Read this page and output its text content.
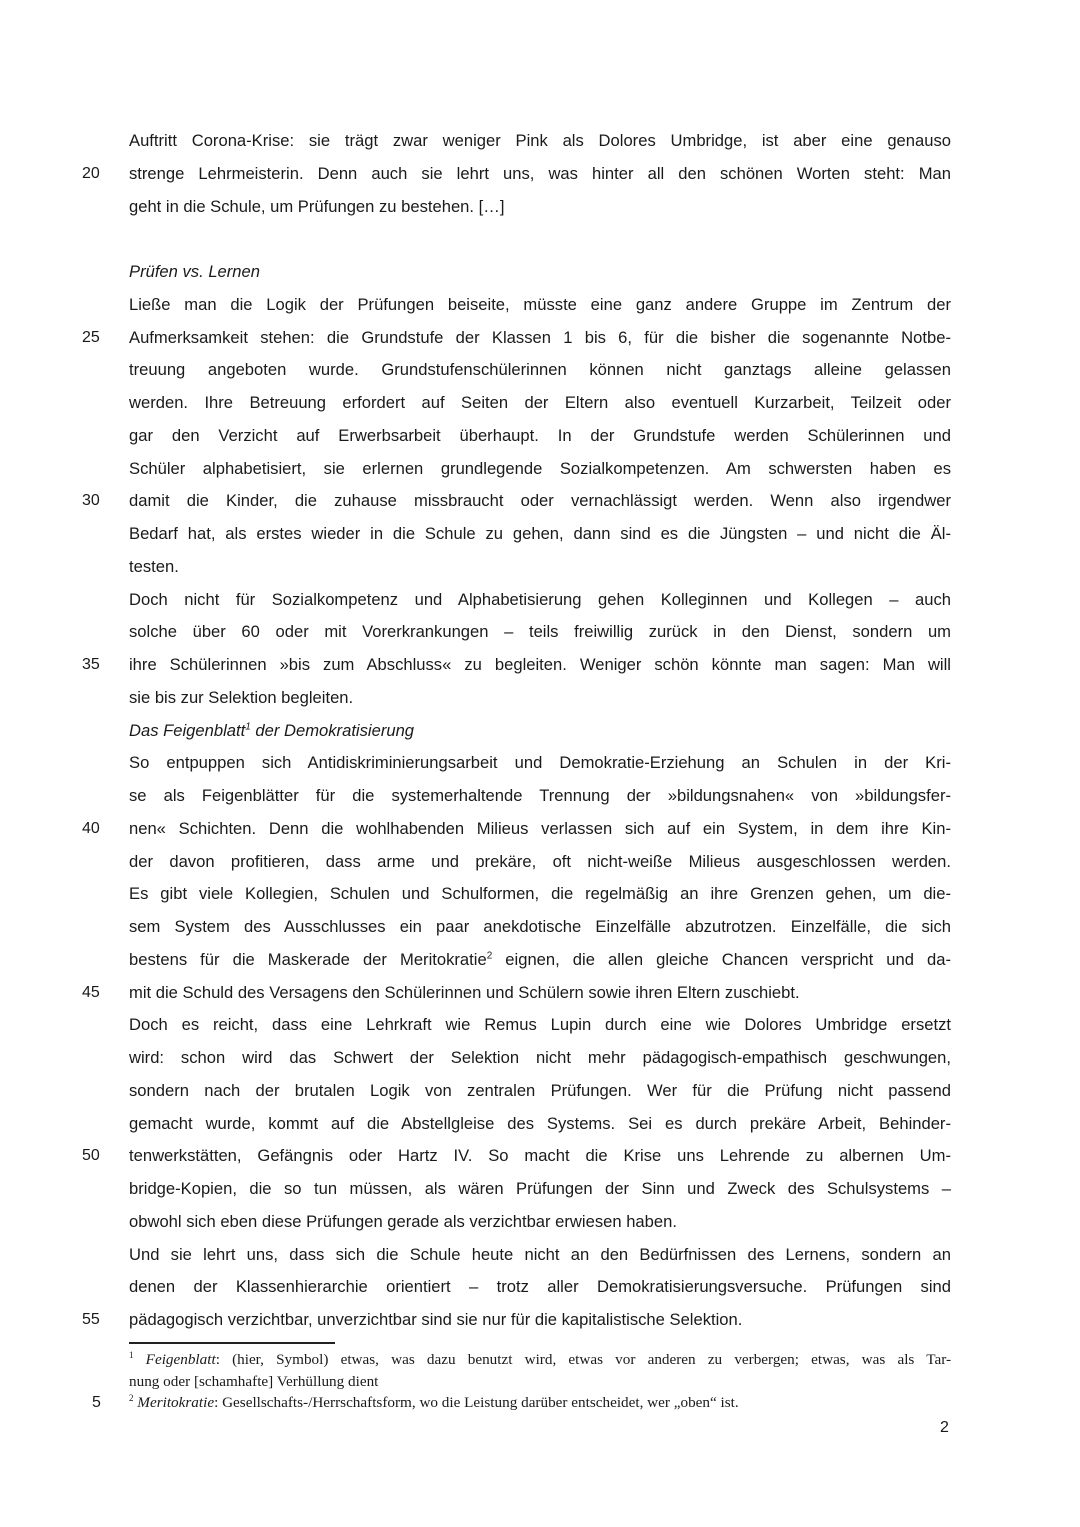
Auftritt Corona-Krise: sie trägt zwar weniger Pink als Dolores Umbridge, ist aber eine genauso
20	strenge Lehrmeisterin. Denn auch sie lehrt uns, was hinter all den schönen Worten steht: Man
geht in die Schule, um Prüfungen zu bestehen. […]
Prüfen vs. Lernen
Ließe man die Logik der Prüfungen beiseite, müsste eine ganz andere Gruppe im Zentrum der
25	Aufmerksamkeit stehen: die Grundstufe der Klassen 1 bis 6, für die bisher die sogenannte Notbe-
treuung angeboten wurde. Grundstufenschülerinnen können nicht ganztags alleine gelassen
werden. Ihre Betreuung erfordert auf Seiten der Eltern also eventuell Kurzarbeit, Teilzeit oder
gar den Verzicht auf Erwerbsarbeit überhaupt. In der Grundstufe werden Schülerinnen und
Schüler alphabetisiert, sie erlernen grundlegende Sozialkompetenzen. Am schwersten haben es
30	damit die Kinder, die zuhause missbraucht oder vernachlässigt werden. Wenn also irgendwer
Bedarf hat, als erstes wieder in die Schule zu gehen, dann sind es die Jüngsten – und nicht die Äl-
testen.
Doch nicht für Sozialkompetenz und Alphabetisierung gehen Kolleginnen und Kollegen – auch
solche über 60 oder mit Vorerkrankungen – teils freiwillig zurück in den Dienst, sondern um
35	ihre Schülerinnen »bis zum Abschluss« zu begleiten. Weniger schön könnte man sagen: Man will
sie bis zur Selektion begleiten.
Das Feigenblatt$^1$ der Demokratisierung
So entpuppen sich Antidiskriminierungsarbeit und Demokratie-Erziehung an Schulen in der Kri-
se als Feigenblätter für die systemerhaltende Trennung der »bildungsnahen« von »bildungsfer-
40	nen« Schichten. Denn die wohlhabenden Milieus verlassen sich auf ein System, in dem ihre Kin-
der davon profitieren, dass arme und prekäre, oft nicht-weiße Milieus ausgeschlossen werden.
Es gibt viele Kollegien, Schulen und Schulformen, die regelmäßig an ihre Grenzen gehen, um die-
sem System des Ausschlusses ein paar anekdotische Einzelfälle abzutrotzen. Einzelfälle, die sich
bestens für die Maskerade der Meritokratie$^2$ eignen, die allen gleiche Chancen verspricht und da-
45	mit die Schuld des Versagens den Schülerinnen und Schülern sowie ihren Eltern zuschiebt.
Doch es reicht, dass eine Lehrkraft wie Remus Lupin durch eine wie Dolores Umbridge ersetzt
wird: schon wird das Schwert der Selektion nicht mehr pädagogisch-empathisch geschwungen,
sondern nach der brutalen Logik von zentralen Prüfungen. Wer für die Prüfung nicht passend
gemacht wurde, kommt auf die Abstellgleise des Systems. Sei es durch prekäre Arbeit, Behinder-
50	tenwerkstätten, Gefängnis oder Hartz IV. So macht die Krise uns Lehrende zu albernen Um-
bridge-Kopien, die so tun müssen, als wären Prüfungen der Sinn und Zweck des Schulsystems –
obwohl sich eben diese Prüfungen gerade als verzichtbar erwiesen haben.
Und sie lehrt uns, dass sich die Schule heute nicht an den Bedürfnissen des Lernens, sondern an
denen der Klassenhierarchie orientiert – trotz aller Demokratisierungsversuche. Prüfungen sind
55	pädagogisch verzichtbar, unverzichtbar sind sie nur für die kapitalistische Selektion.
$^1$ Feigenblatt: (hier, Symbol) etwas, was dazu benutzt wird, etwas vor anderen zu verbergen; etwas, was als Tar-
nung oder [schamhafte] Verhüllung dient
5	$^2$ Meritokratie: Gesellschafts-/Herrschaftsform, wo die Leistung darüber entscheidet, wer „oben“ ist.
2
